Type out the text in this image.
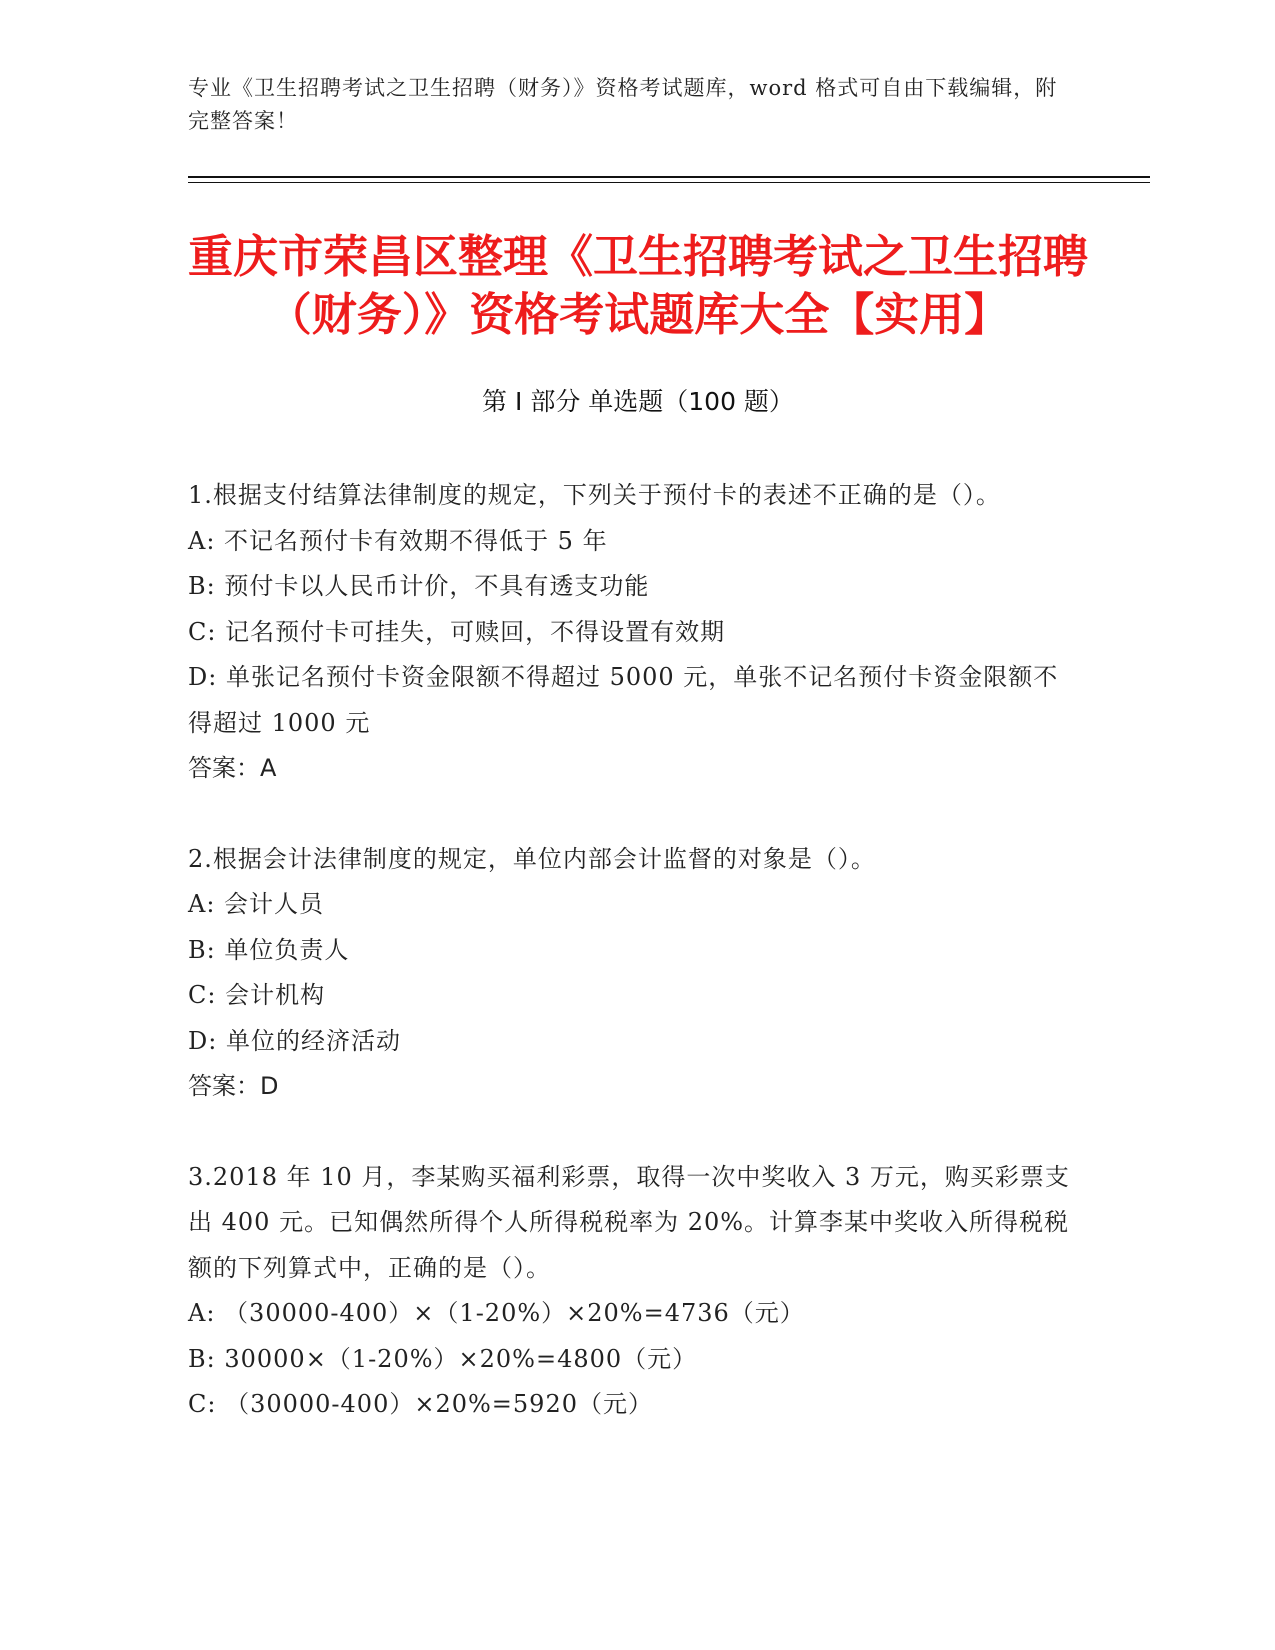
专业《卫生招聘考试之卫生招聘（财务）》资格考试题库，word 格式可自由下载编辑，附完整答案！
重庆市荣昌区整理《卫生招聘考试之卫生招聘（财务）》资格考试题库大全【实用】
第 I 部分 单选题（100 题）

1.根据支付结算法律制度的规定，下列关于预付卡的表述不正确的是（）。

A: 不记名预付卡有效期不得低于 5 年

B: 预付卡以人民币计价，不具有透支功能

C: 记名预付卡可挂失，可赎回，不得设置有效期

D: 单张记名预付卡资金限额不得超过 5000 元，单张不记名预付卡资金限额不得超过 1000 元

答案：A

2.根据会计法律制度的规定，单位内部会计监督的对象是（）。

A: 会计人员

B: 单位负责人

C: 会计机构

D: 单位的经济活动

答案：D

3.2018 年 10 月，李某购买福利彩票，取得一次中奖收入 3 万元，购买彩票支出 400 元。已知偶然所得个人所得税税率为 20%。计算李某中奖收入所得税税额的下列算式中，正确的是（）。

A: （30000-400）×（1-20%）×20%=4736（元）

B: 30000×（1-20%）×20%=4800（元）

C: （30000-400）×20%=5920（元）
